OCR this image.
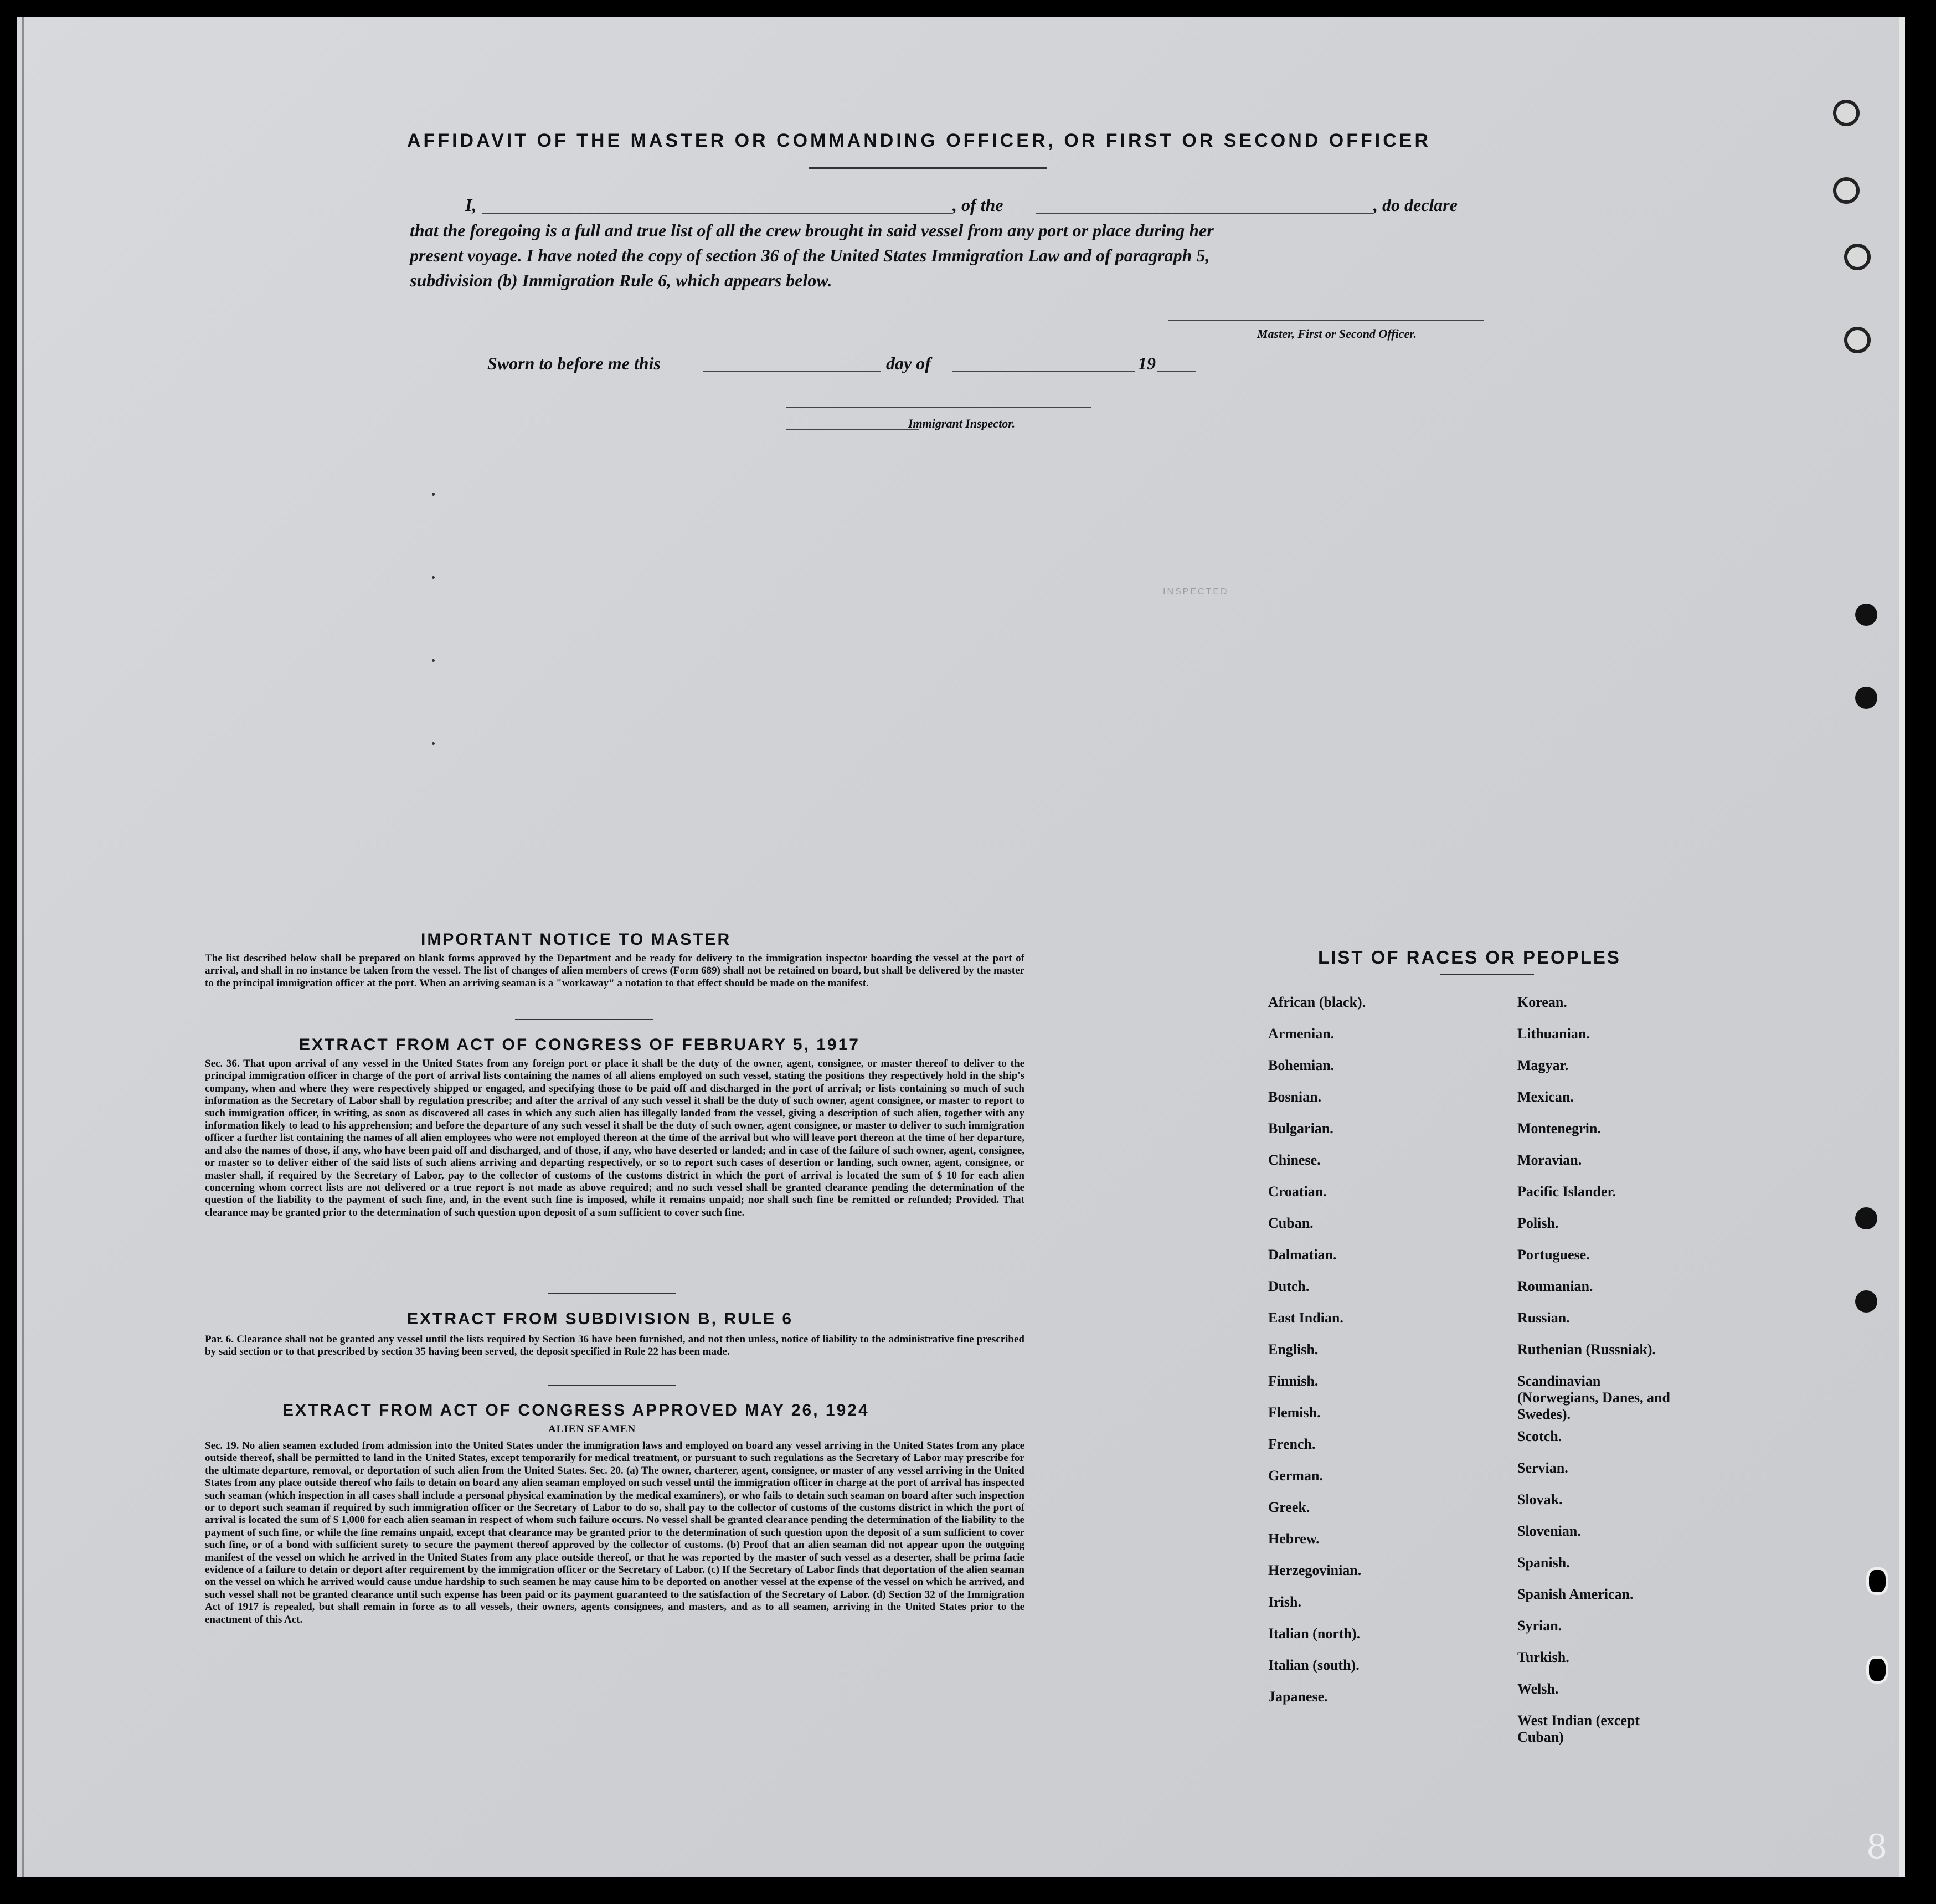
AFFIDAVIT OF THE MASTER OR COMMANDING OFFICER, OR FIRST OR SECOND OFFICER
I,	, of the	, do declare
that the foregoing is a full and true list of all the crew brought in said vessel from any port or place during her
present voyage. I have noted the copy of section 36 of the United States Immigration Law and of paragraph 5,
subdivision (b) Immigration Rule 6, which appears below.
Master, First or Second Officer.
Sworn to before me this	day of	19
Immigrant Inspector.
INSPECTED
IMPORTANT NOTICE TO MASTER
The list described below shall be prepared on blank forms approved by the Department and be ready for delivery to the immigration inspector boarding the vessel at the port of arrival, and shall in no instance be taken from the vessel. The list of changes of alien members of crews (Form 689) shall not be retained on board, but shall be delivered by the master to the principal immigration officer at the port. When an arriving seaman is a "workaway" a notation to that effect should be made on the manifest.
EXTRACT FROM ACT OF CONGRESS OF FEBRUARY 5, 1917
Sec. 36. That upon arrival of any vessel in the United States from any foreign port or place it shall be the duty of the owner, agent, consignee, or master thereof to deliver to the principal immigration officer in charge of the port of arrival lists containing the names of all aliens employed on such vessel, stating the positions they respectively hold in the ship's company, when and where they were respectively shipped or engaged, and specifying those to be paid off and discharged in the port of arrival; or lists containing so much of such information as the Secretary of Labor shall by regulation prescribe; and after the arrival of any such vessel it shall be the duty of such owner, agent consignee, or master to report to such immigration officer, in writing, as soon as discovered all cases in which any such alien has illegally landed from the vessel, giving a description of such alien, together with any information likely to lead to his apprehension; and before the departure of any such vessel it shall be the duty of such owner, agent consignee, or master to deliver to such immigration officer a further list containing the names of all alien employees who were not employed thereon at the time of the arrival but who will leave port thereon at the time of her departure, and also the names of those, if any, who have been paid off and discharged, and of those, if any, who have deserted or landed; and in case of the failure of such owner, agent, consignee, or master so to deliver either of the said lists of such aliens arriving and departing respectively, or so to report such cases of desertion or landing, such owner, agent, consignee, or master shall, if required by the Secretary of Labor, pay to the collector of customs of the customs district in which the port of arrival is located the sum of $ 10 for each alien concerning whom correct lists are not delivered or a true report is not made as above required; and no such vessel shall be granted clearance pending the determination of the question of the liability to the payment of such fine, and, in the event such fine is imposed, while it remains unpaid; nor shall such fine be remitted or refunded; Provided. That clearance may be granted prior to the determination of such question upon deposit of a sum sufficient to cover such fine.
EXTRACT FROM SUBDIVISION B, RULE 6
Par. 6. Clearance shall not be granted any vessel until the lists required by Section 36 have been furnished, and not then unless, notice of liability to the administrative fine prescribed by said section or to that prescribed by section 35 having been served, the deposit specified in Rule 22 has been made.
EXTRACT FROM ACT OF CONGRESS APPROVED MAY 26, 1924
ALIEN SEAMEN
Sec. 19. No alien seamen excluded from admission into the United States under the immigration laws and employed on board any vessel arriving in the United States from any place outside thereof, shall be permitted to land in the United States, except temporarily for medical treatment, or pursuant to such regulations as the Secretary of Labor may prescribe for the ultimate departure, removal, or deportation of such alien from the United States. Sec. 20. (a) The owner, charterer, agent, consignee, or master of any vessel arriving in the United States from any place outside thereof who fails to detain on board any alien seaman employed on such vessel until the immigration officer in charge at the port of arrival has inspected such seaman (which inspection in all cases shall include a personal physical examination by the medical examiners), or who fails to detain such seaman on board after such inspection or to deport such seaman if required by such immigration officer or the Secretary of Labor to do so, shall pay to the collector of customs of the customs district in which the port of arrival is located the sum of $ 1,000 for each alien seaman in respect of whom such failure occurs. No vessel shall be granted clearance pending the determination of the liability to the payment of such fine, or while the fine remains unpaid, except that clearance may be granted prior to the determination of such question upon the deposit of a sum sufficient to cover such fine, or of a bond with sufficient surety to secure the payment thereof approved by the collector of customs. (b) Proof that an alien seaman did not appear upon the outgoing manifest of the vessel on which he arrived in the United States from any place outside thereof, or that he was reported by the master of such vessel as a deserter, shall be prima facie evidence of a failure to detain or deport after requirement by the immigration officer or the Secretary of Labor. (c) If the Secretary of Labor finds that deportation of the alien seaman on the vessel on which he arrived would cause undue hardship to such seamen he may cause him to be deported on another vessel at the expense of the vessel on which he arrived, and such vessel shall not be granted clearance until such expense has been paid or its payment guaranteed to the satisfaction of the Secretary of Labor. (d) Section 32 of the Immigration Act of 1917 is repealed, but shall remain in force as to all vessels, their owners, agents consignees, and masters, and as to all seamen, arriving in the United States prior to the enactment of this Act.
LIST OF RACES OR PEOPLES
African (black).
Armenian.
Bohemian.
Bosnian.
Bulgarian.
Chinese.
Croatian.
Cuban.
Dalmatian.
Dutch.
East Indian.
English.
Finnish.
Flemish.
French.
German.
Greek.
Hebrew.
Herzegovinian.
Irish.
Italian (north).
Italian (south).
Japanese.
Korean.
Lithuanian.
Magyar.
Mexican.
Montenegrin.
Moravian.
Pacific Islander.
Polish.
Portuguese.
Roumanian.
Russian.
Ruthenian (Russniak).
Scandinavian (Norwegians, Danes, and Swedes).
Scotch.
Servian.
Slovak.
Slovenian.
Spanish.
Spanish American.
Syrian.
Turkish.
Welsh.
West Indian (except Cuban)
8
